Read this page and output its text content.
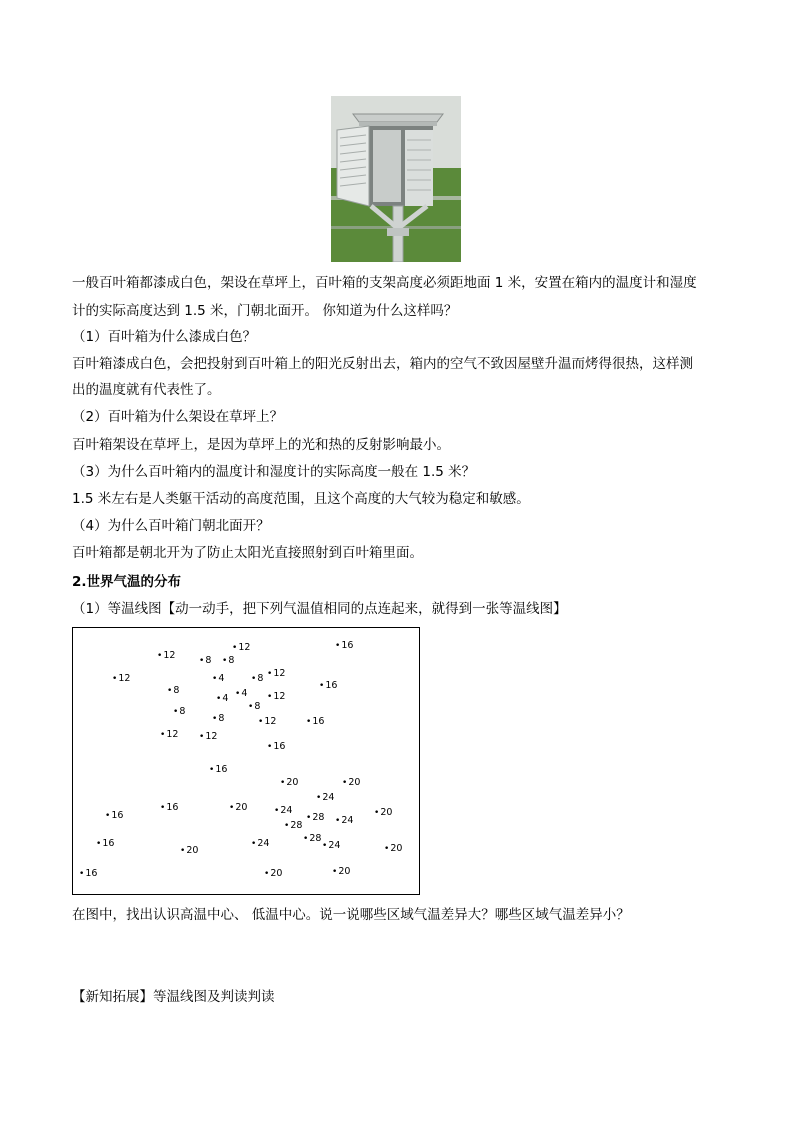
一般百叶箱都漆成白色，架设在草坪上，百叶箱的支架高度必须距地面 1 米，安置在箱内的温度计和湿度
计的实际高度达到 1.5 米，门朝北面开。 你知道为什么这样吗？
（1）百叶箱为什么漆成白色？
百叶箱漆成白色，会把投射到百叶箱上的阳光反射出去，箱内的空气不致因屋壁升温而烤得很热，这样测
出的温度就有代表性了。
（2）百叶箱为什么架设在草坪上？
百叶箱架设在草坪上，是因为草坪上的光和热的反射影响最小。
（3）为什么百叶箱内的温度计和湿度计的实际高度一般在 1.5 米？
1.5 米左右是人类躯干活动的高度范围，且这个高度的大气较为稳定和敏感。
（4）为什么百叶箱门朝北面开？
百叶箱都是朝北开为了防止太阳光直接照射到百叶箱里面。
2.世界气温的分布
（1）等温线图【动一动手，把下列气温值相同的点连起来，就得到一张等温线图】
• 16
• 12	• 8	• 8
• 12
• 12	• 4	• 8	• 12
• 16
• 8
• 4	• 4	• 12
• 8
• 8
• 8	• 12	• 16
• 12	• 12
• 16
• 16
• 20	• 20
• 24
• 16	• 20	• 24	• 20
• 16	• 28	• 24
• 28
• 28
• 16	• 24	• 24	• 20
• 20
• 16	• 20	• 20
在图中，找出认识高温中心、 低温中心。说一说哪些区域气温差异大？哪些区域气温差异小？
【新知拓展】等温线图及判读判读
